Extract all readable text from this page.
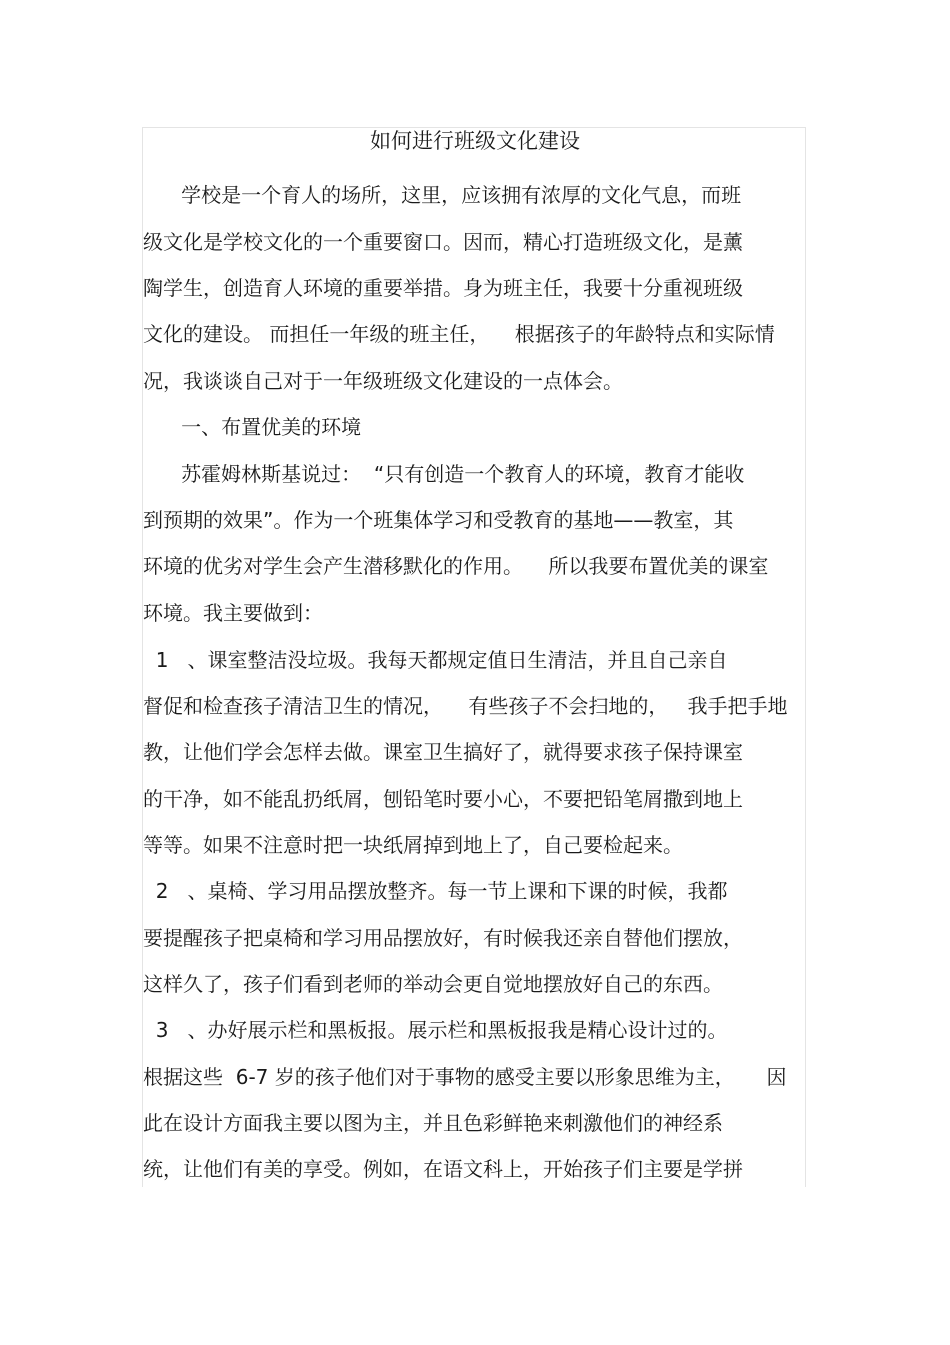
如何进行班级文化建设

学校是一个育人的场所，这里，应该拥有浓厚的文化气息，而班

级文化是学校文化的一个重要窗口。因而，精心打造班级文化，是薰

陶学生，创造育人环境的重要举措。身为班主任，我要十分重视班级

文化的建设。 而担任一年级的班主任，    根据孩子的年龄特点和实际情

况，我谈谈自己对于一年级班级文化建设的一点体会。

一、布置优美的环境

苏霍姆林斯基说过：  “只有创造一个教育人的环境，教育才能收

到预期的效果”。作为一个班集体学习和受教育的基地——教室，其

环境的优劣对学生会产生潜移默化的作用。    所以我要布置优美的课室

环境。我主要做到：

1   、课室整洁没垃圾。我每天都规定值日生清洁，并且自己亲自

督促和检查孩子清洁卫生的情况，    有些孩子不会扫地的，   我手把手地

教，让他们学会怎样去做。课室卫生搞好了，就得要求孩子保持课室

的干净，如不能乱扔纸屑，刨铅笔时要小心，不要把铅笔屑撒到地上

等等。如果不注意时把一块纸屑掉到地上了，自己要检起来。

2   、桌椅、学习用品摆放整齐。每一节上课和下课的时候，我都

要提醒孩子把桌椅和学习用品摆放好，有时候我还亲自替他们摆放，

这样久了，孩子们看到老师的举动会更自觉地摆放好自己的东西。

3   、办好展示栏和黑板报。展示栏和黑板报我是精心设计过的。

根据这些  6-7 岁的孩子他们对于事物的感受主要以形象思维为主，     因

此在设计方面我主要以图为主，并且色彩鲜艳来刺激他们的神经系

统，让他们有美的享受。例如，在语文科上，开始孩子们主要是学拼
